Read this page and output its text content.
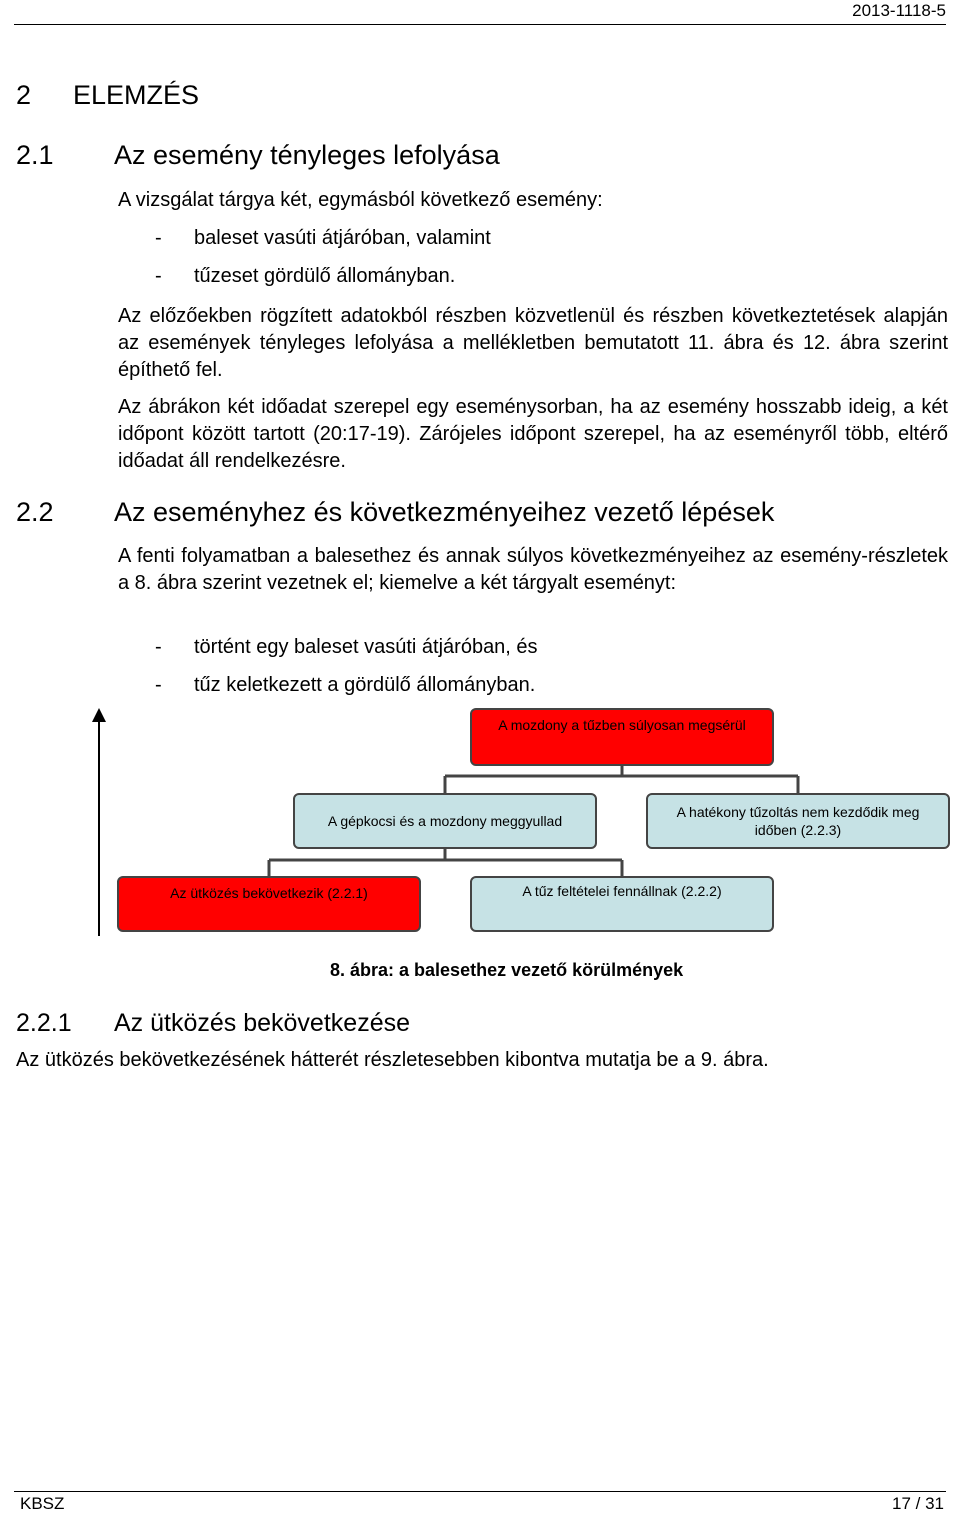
2013-1118-5
2 ELEMZÉS
2.1 Az esemény tényleges lefolyása
A vizsgálat tárgya két, egymásból következő esemény:
- baleset vasúti átjáróban, valamint
- tűzeset gördülő állományban.
Az előzőekben rögzített adatokból részben közvetlenül és részben következtetések alapján az események tényleges lefolyása a mellékletben bemutatott 11. ábra és 12. ábra szerint építhető fel.
Az ábrákon két időadat szerepel egy eseménysorban, ha az esemény hosszabb ideig, a két időpont között tartott (20:17-19). Zárójeles időpont szerepel, ha az eseményről több, eltérő időadat áll rendelkezésre.
2.2 Az eseményhez és következményeihez vezető lépések
A fenti folyamatban a balesethez és annak súlyos következményeihez az esemény-részletek a 8. ábra szerint vezetnek el; kiemelve a két tárgyalt eseményt:
- történt egy baleset vasúti átjáróban, és
- tűz keletkezett a gördülő állományban.
A mozdony a tűzben súlyosan megsérül
A gépkocsi és a mozdony meggyullad
A hatékony tűzoltás nem kezdődik meg időben (2.2.3)
Az ütközés bekövetkezik (2.2.1)	A tűz feltételei fennállnak (2.2.2)
8. ábra: a balesethez vezető körülmények
2.2.1 Az ütközés bekövetkezése
Az ütközés bekövetkezésének hátterét részletesebben kibontva mutatja be a 9. ábra.
KBSZ	17 / 31
